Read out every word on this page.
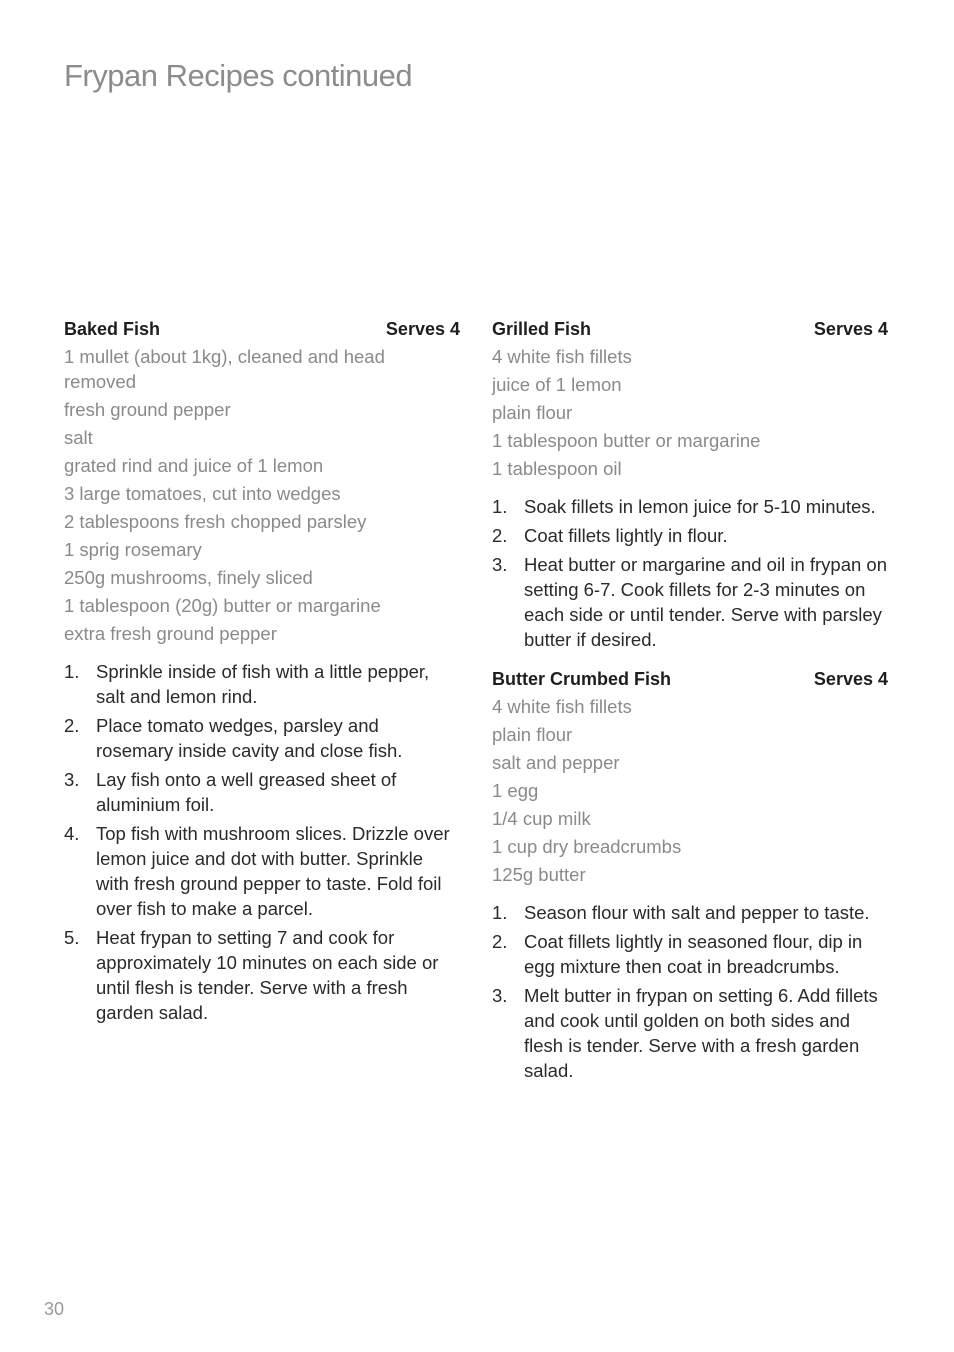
Frypan Recipes continued
Baked Fish	Serves 4
1 mullet (about 1kg), cleaned and head removed
fresh ground pepper
salt
grated rind and juice of 1 lemon
3 large tomatoes, cut into wedges
2 tablespoons fresh chopped parsley
1 sprig rosemary
250g mushrooms, finely sliced
1 tablespoon (20g) butter or margarine
extra fresh ground pepper
1. Sprinkle inside of fish with a little pepper, salt and lemon rind.
2. Place tomato wedges, parsley and rosemary inside cavity and close fish.
3. Lay fish onto a well greased sheet of aluminium foil.
4. Top fish with mushroom slices. Drizzle over lemon juice and dot with butter. Sprinkle with fresh ground pepper to taste. Fold foil over fish to make a parcel.
5. Heat frypan to setting 7 and cook for approximately 10 minutes on each side or until flesh is tender. Serve with a fresh garden salad.
Grilled Fish	Serves 4
4 white fish fillets
juice of 1 lemon
plain flour
1 tablespoon butter or margarine
1 tablespoon oil
1. Soak fillets in lemon juice for 5-10 minutes.
2. Coat fillets lightly in flour.
3. Heat butter or margarine and oil in frypan on setting 6-7. Cook fillets for 2-3 minutes on each side or until tender. Serve with parsley butter if desired.
Butter Crumbed Fish	Serves 4
4 white fish fillets
plain flour
salt and pepper
1 egg
1/4 cup milk
1 cup dry breadcrumbs
125g butter
1. Season flour with salt and pepper to taste.
2. Coat fillets lightly in seasoned flour, dip in egg mixture then coat in breadcrumbs.
3. Melt butter in frypan on setting 6. Add fillets and cook until golden on both sides and flesh is tender. Serve with a fresh garden salad.
30
